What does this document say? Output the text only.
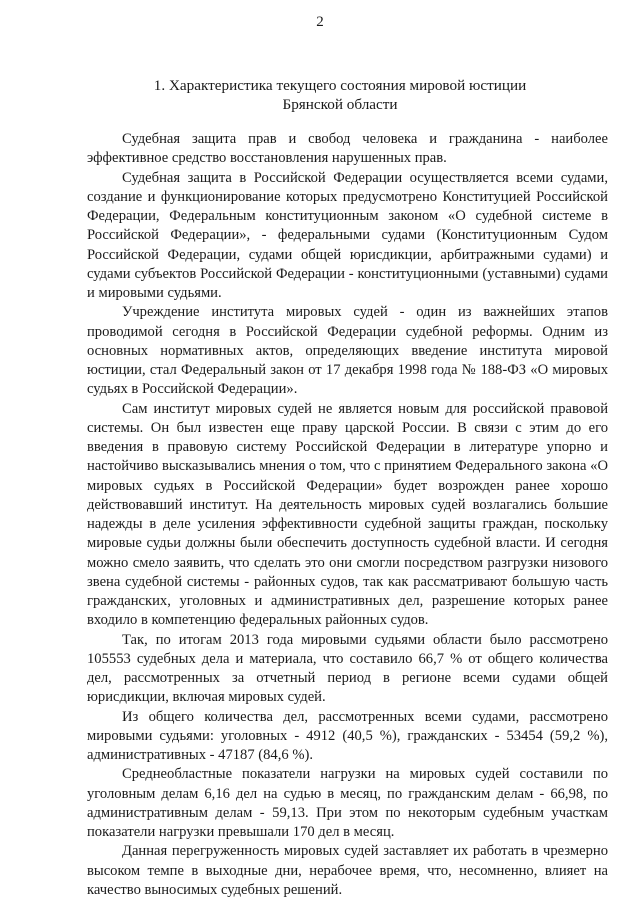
2
1. Характеристика текущего состояния мировой юстиции
Брянской области

Судебная защита прав и свобод человека и гражданина - наиболее эффективное средство восстановления нарушенных прав.

Судебная защита в Российской Федерации осуществляется всеми судами, создание и функционирование которых предусмотрено Конституцией Российской Федерации, Федеральным конституционным законом «О судебной системе в Российской Федерации», - федеральными судами (Конституционным Судом Российской Федерации, судами общей юрисдикции, арбитражными судами) и судами субъектов Российской Федерации - конституционными (уставными) судами и мировыми судьями.

Учреждение института мировых судей - один из важнейших этапов проводимой сегодня в Российской Федерации судебной реформы. Одним из основных нормативных актов, определяющих введение института мировой юстиции, стал Федеральный закон от 17 декабря 1998 года № 188-ФЗ «О мировых судьях в Российской Федерации».

Сам институт мировых судей не является новым для российской правовой системы. Он был известен еще праву царской России. В связи с этим до его введения в правовую систему Российской Федерации в литературе упорно и настойчиво высказывались мнения о том, что с принятием Федерального закона «О мировых судьях в Российской Федерации» будет возрожден ранее хорошо действовавший институт. На деятельность мировых судей возлагались большие надежды в деле усиления эффективности судебной защиты граждан, поскольку мировые судьи должны были обеспечить доступность судебной власти. И сегодня можно смело заявить, что сделать это они смогли посредством разгрузки низового звена судебной системы - районных судов, так как рассматривают большую часть гражданских, уголовных и административных дел, разрешение которых ранее входило в компетенцию федеральных районных судов.

Так, по итогам 2013 года мировыми судьями области было рассмотрено 105553 судебных дела и материала, что составило 66,7 % от общего количества дел, рассмотренных за отчетный период в регионе всеми судами общей юрисдикции, включая мировых судей.

Из общего количества дел, рассмотренных всеми судами, рассмотрено мировыми судьями: уголовных - 4912 (40,5 %), гражданских - 53454 (59,2 %), административных - 47187 (84,6 %).

Среднеобластные показатели нагрузки на мировых судей составили по уголовным делам 6,16 дел на судью в месяц, по гражданским делам - 66,98, по административным делам - 59,13. При этом по некоторым судебным участкам показатели нагрузки превышали 170 дел в месяц.

Данная перегруженность мировых судей заставляет их работать в чрезмерно высоком темпе в выходные дни, нерабочее время, что, несомненно, влияет на качество выносимых судебных решений.
